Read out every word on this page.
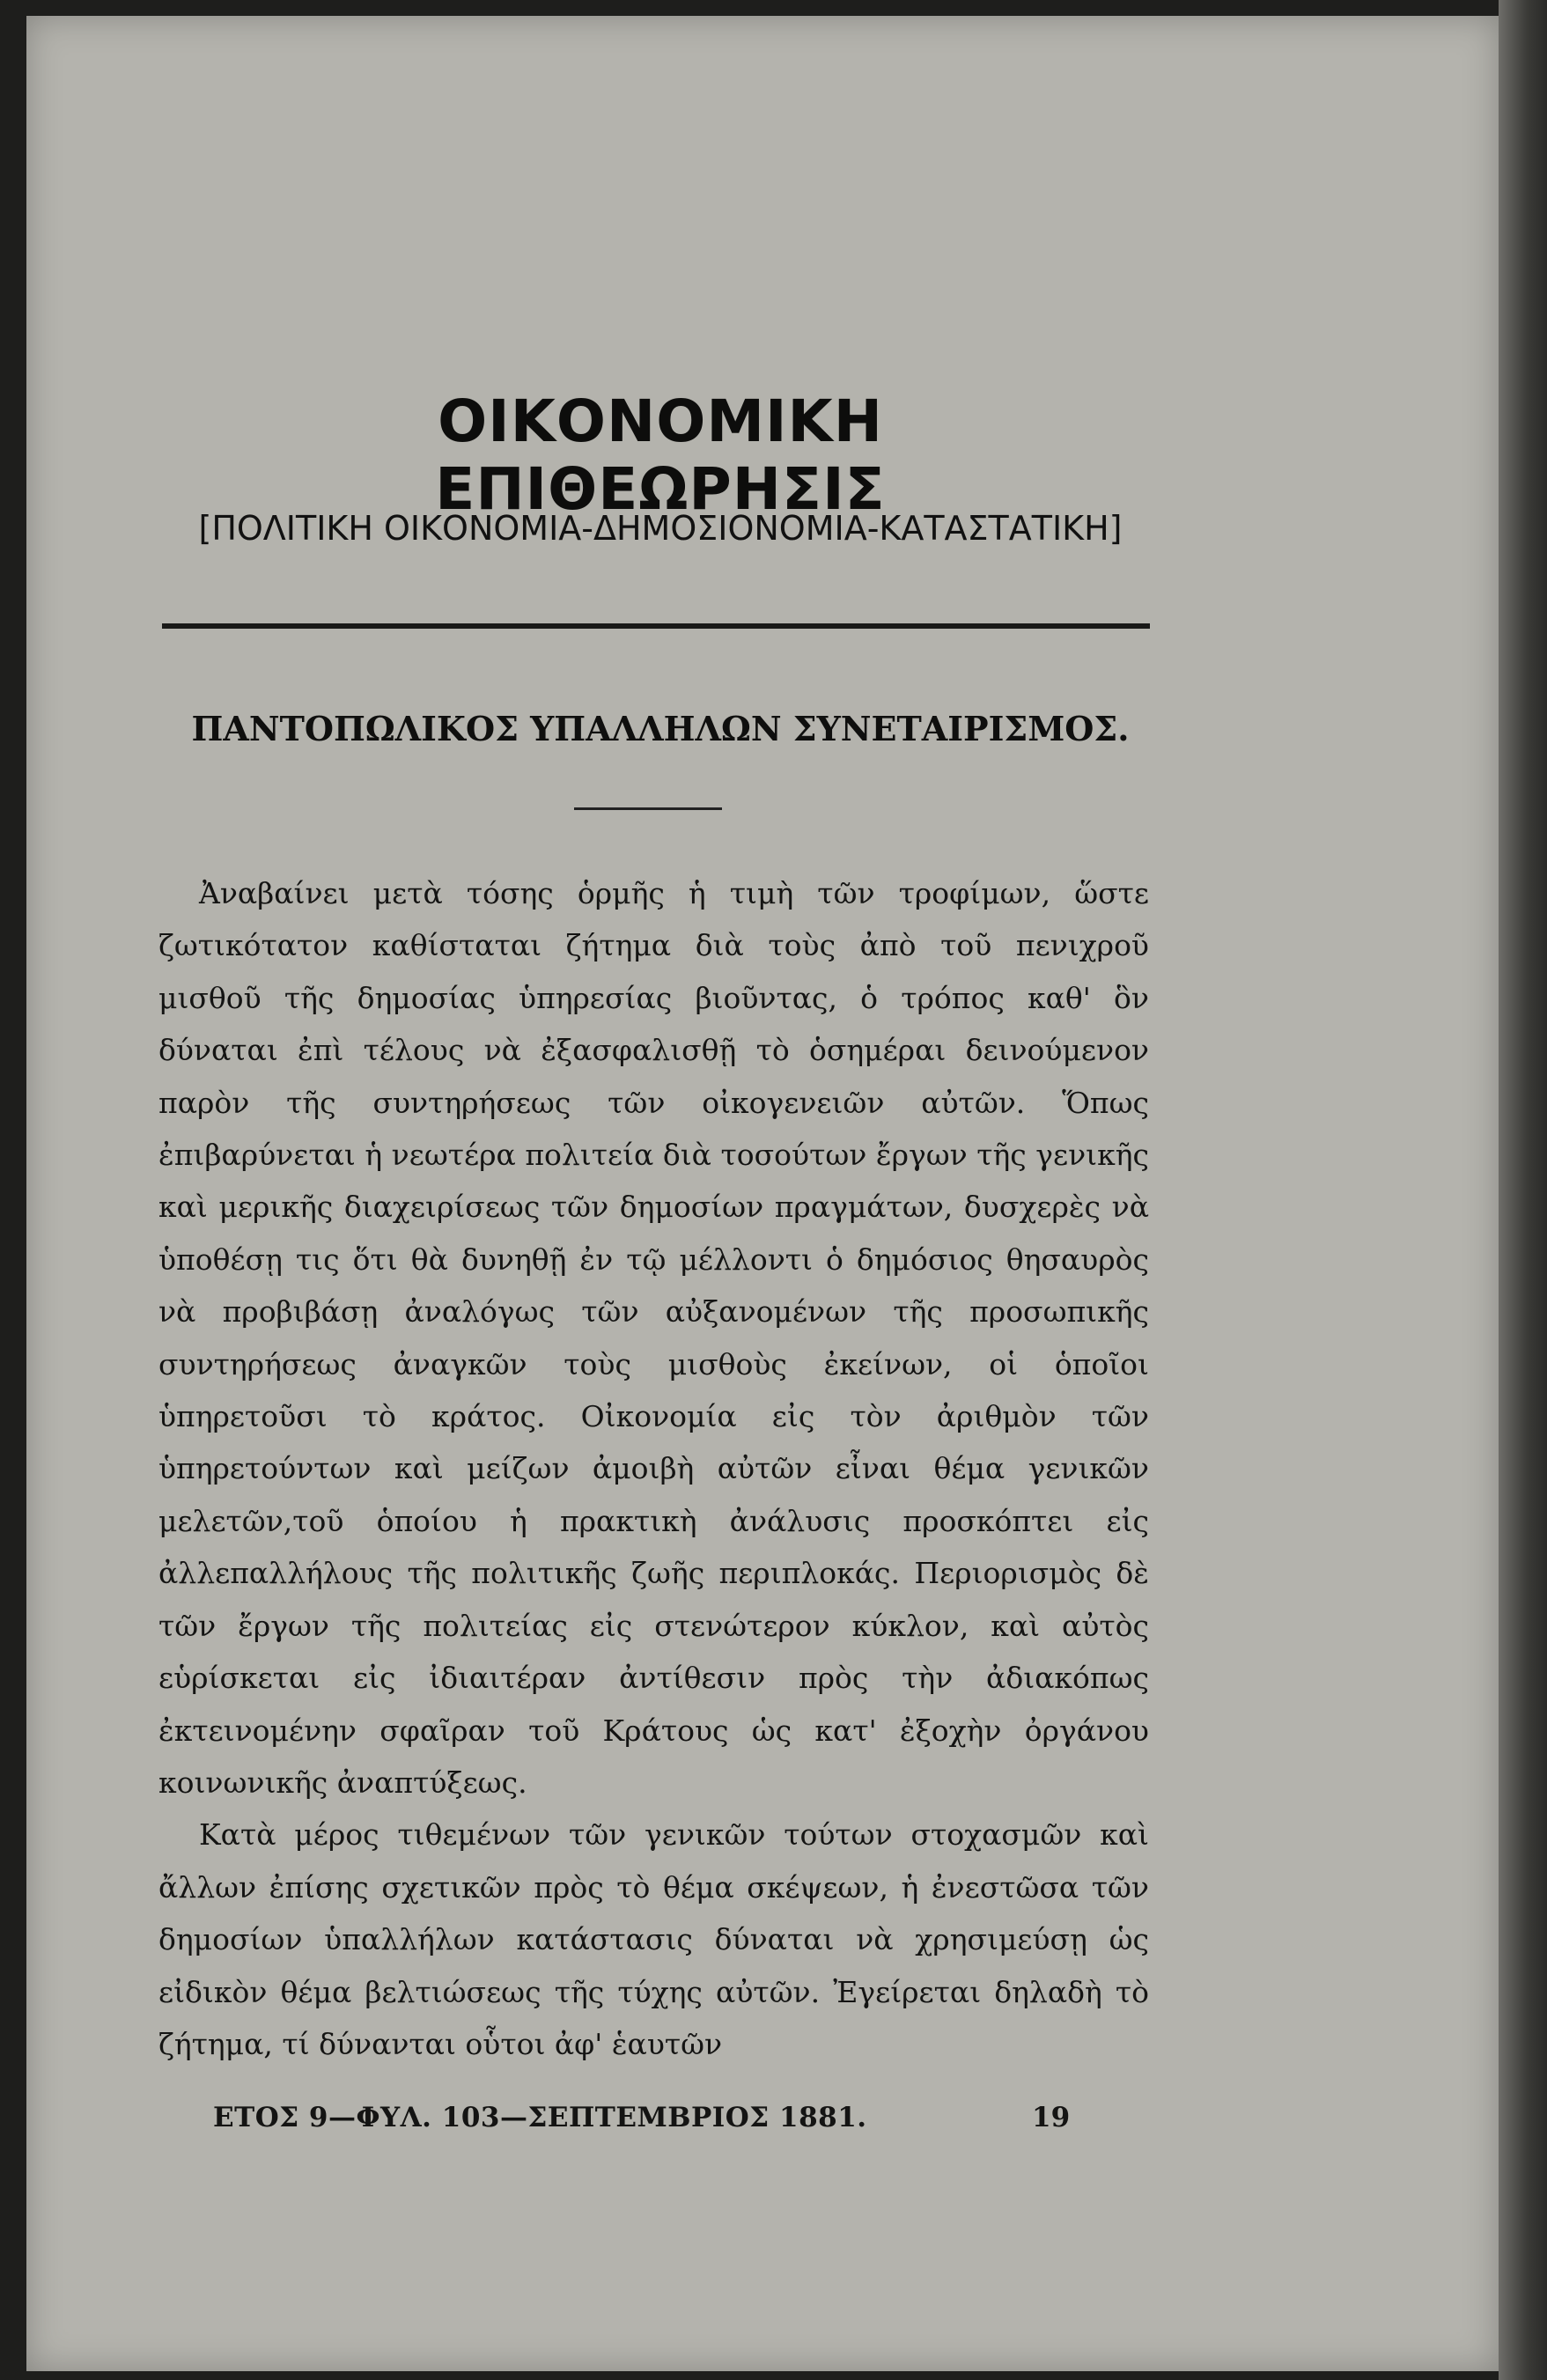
ΟΙΚΟΝΟΜΙΚΗ ΕΠΙΘΕΩΡΗΣΙΣ
[ΠΟΛΙΤΙΚΗ ΟΙΚΟΝΟΜΙΑ-ΔΗΜΟΣΙΟΝΟΜΙΑ-ΚΑΤΑΣΤΑΤΙΚΗ]
ΠΑΝΤΟΠΩΛΙΚΟΣ ΥΠΑΛΛΗΛΩΝ ΣΥΝΕΤΑΙΡΙΣΜΟΣ.

Ἀναβαίνει μετὰ τόσης ὁρμῆς ἡ τιμὴ τῶν τροφίμων, ὥστε ζωτικότατον καθίσταται ζήτημα διὰ τοὺς ἀπὸ τοῦ πενιχροῦ μισθοῦ τῆς δημοσίας ὑπηρεσίας βιοῦντας, ὁ τρόπος καθ' ὃν δύναται ἐπὶ τέλους νὰ ἐξασφαλισθῇ τὸ ὁσημέραι δεινούμενον παρὸν τῆς συντηρήσεως τῶν οἰκογενειῶν αὐτῶν. Ὅπως ἐπιβαρύνεται ἡ νεωτέρα πολιτεία διὰ τοσούτων ἔργων τῆς γενικῆς καὶ μερικῆς διαχειρίσεως τῶν δημοσίων πραγμάτων, δυσχερὲς νὰ ὑποθέσῃ τις ὅτι θὰ δυνηθῇ ἐν τῷ μέλλοντι ὁ δημόσιος θησαυρὸς νὰ προβιβάσῃ ἀναλόγως τῶν αὐξανομένων τῆς προσωπικῆς συντηρήσεως ἀναγκῶν τοὺς μισθοὺς ἐκείνων, οἱ ὁποῖοι ὑπηρετοῦσι τὸ κράτος. Οἰκονομία εἰς τὸν ἀριθμὸν τῶν ὑπηρετούντων καὶ μείζων ἀμοιβὴ αὐτῶν εἶναι θέμα γενικῶν μελετῶν,τοῦ ὁποίου ἡ πρακτικὴ ἀνάλυσις προσκόπτει εἰς ἀλλεπαλλήλους τῆς πολιτικῆς ζωῆς περιπλοκάς. Περιορισμὸς δὲ τῶν ἔργων τῆς πολιτείας εἰς στενώτερον κύκλον, καὶ αὐτὸς εὑρίσκεται εἰς ἰδιαιτέραν ἀντίθεσιν πρὸς τὴν ἀδιακόπως ἐκτεινομένην σφαῖραν τοῦ Κράτους ὡς κατ' ἐξοχὴν ὀργάνου κοινωνικῆς ἀναπτύξεως.

Κατὰ μέρος τιθεμένων τῶν γενικῶν τούτων στοχασμῶν καὶ ἄλλων ἐπίσης σχετικῶν πρὸς τὸ θέμα σκέψεων, ἡ ἐνεστῶσα τῶν δημοσίων ὑπαλλήλων κατάστασις δύναται νὰ χρησιμεύσῃ ὡς εἰδικὸν θέμα βελτιώσεως τῆς τύχης αὐτῶν. Ἐγείρεται δηλαδὴ τὸ ζήτημα, τί δύνανται οὗτοι ἀφ' ἑαυτῶν

ΕΤΟΣ 9—ΦΥΛ. 103—ΣΕΠΤΕΜΒΡΙΟΣ 1881.	19
